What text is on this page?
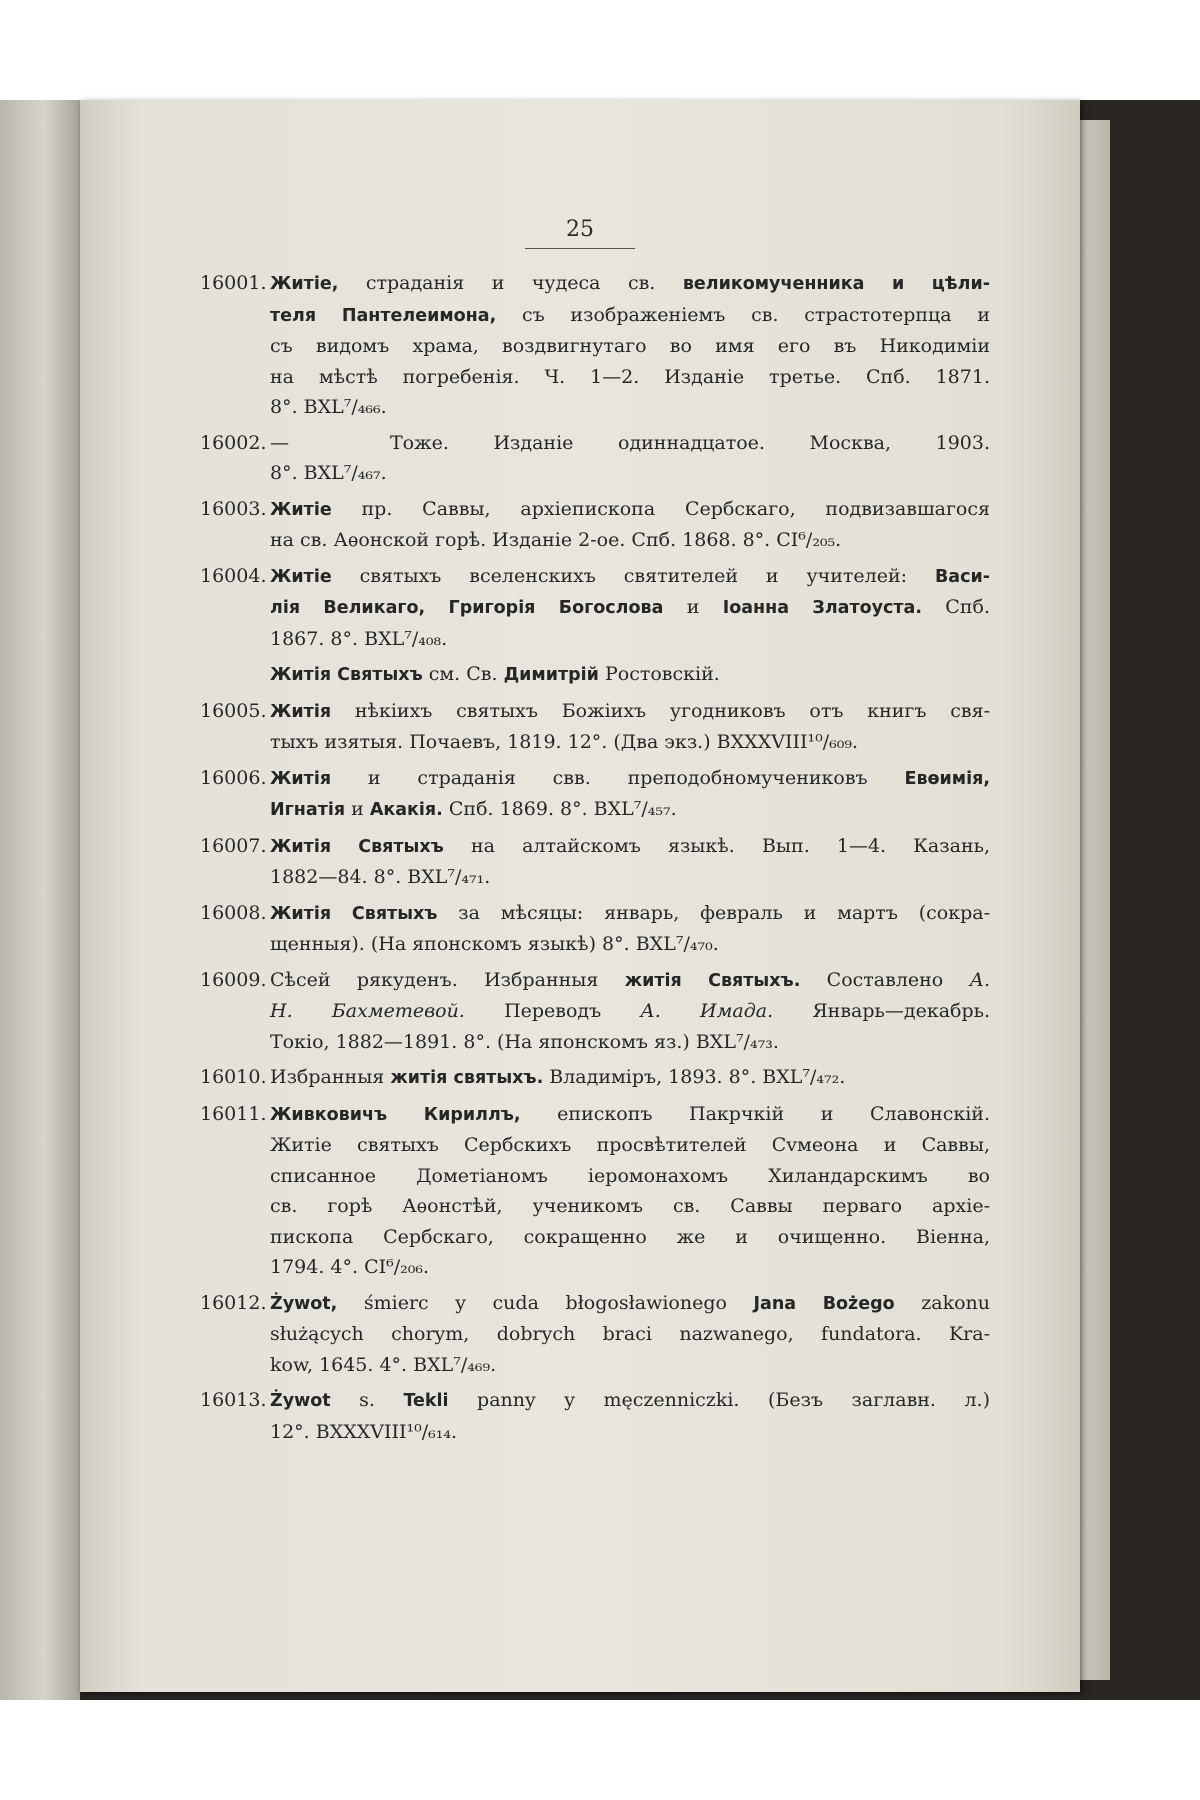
25
16001. Житіе, страданія и чудеса св. великомученника и цѣли-
теля Пантелеимона, съ изображеніемъ св. страстотерпца и
съ видомъ храма, воздвигнутаго во имя его въ Никодиміи
на мѣстѣ погребенія. Ч. 1—2. Изданіе третье. Спб. 1871.
8°. BXL⁷/₄₆₆.
16002. —	Тоже. Изданіе одиннадцатое. Москва, 1903.
8°. BXL⁷/₄₆₇.
16003. Житіе пр. Саввы, архіепископа Сербскаго, подвизавшагося
на св. Аѳонской горѣ. Изданіе 2-ое. Спб. 1868. 8°. CI⁶/₂₀₅.
16004. Житіе святыхъ вселенскихъ святителей и учителей: Васи-
лія Великаго, Григорія Богослова и Іоанна Златоуста. Спб.
1867. 8°. BXL⁷/₄₀₈.
Житія Святыхъ см. Св. Димитрій Ростовскій.
16005. Житія нѣкіихъ святыхъ Божіихъ угодниковъ отъ книгъ свя-
тыхъ изятыя. Почаевъ, 1819. 12°. (Два экз.) BXXXVIII¹⁰/₆₀₉.
16006. Житія и страданія свв. преподобномучениковъ Евѳимія,
Игнатія и Акакія. Спб. 1869. 8°. BXL⁷/₄₅₇.
16007. Житія Святыхъ на алтайскомъ языкѣ. Вып. 1—4. Казань,
1882—84. 8°. BXL⁷/₄₇₁.
16008. Житія Святыхъ за мѣсяцы: январь, февраль и мартъ (сокра-
щенныя). (На японскомъ языкѣ) 8°. BXL⁷/₄₇₀.
16009. Сѣсей рякуденъ. Избранныя житія Святыхъ. Составлено А.
Н. Бахметевой. Переводъ А. Имада. Январь—декабрь.
Токіо, 1882—1891. 8°. (На японскомъ яз.) BXL⁷/₄₇₃.
16010. Избранныя житія святыхъ. Владиміръ, 1893. 8°. BXL⁷/₄₇₂.
16011. Живковичъ Кириллъ, епископъ Пакрчкій и Славонскій.
Житіе святыхъ Сербскихъ просвѣтителей Сvмеона и Саввы,
списанное Дометіаномъ іеромонахомъ Хиландарскимъ во
св. горѣ Аѳонстѣй, ученикомъ св. Саввы перваго архіе-
пископа Сербскаго, сокращенно же и очищенно. Віенна,
1794. 4°. CI⁶/₂₀₆.
16012. Żywot, śmierc y cuda błogosławionego Jana Bożego zakonu
służących chorym, dobrych braci nazwanego, fundatora. Kra-
kow, 1645. 4°. BXL⁷/₄₆₉.
16013. Żywot s. Tekli panny y męczenniczki. (Безъ заглавн. л.)
12°. BXXXVIII¹⁰/₆₁₄.
